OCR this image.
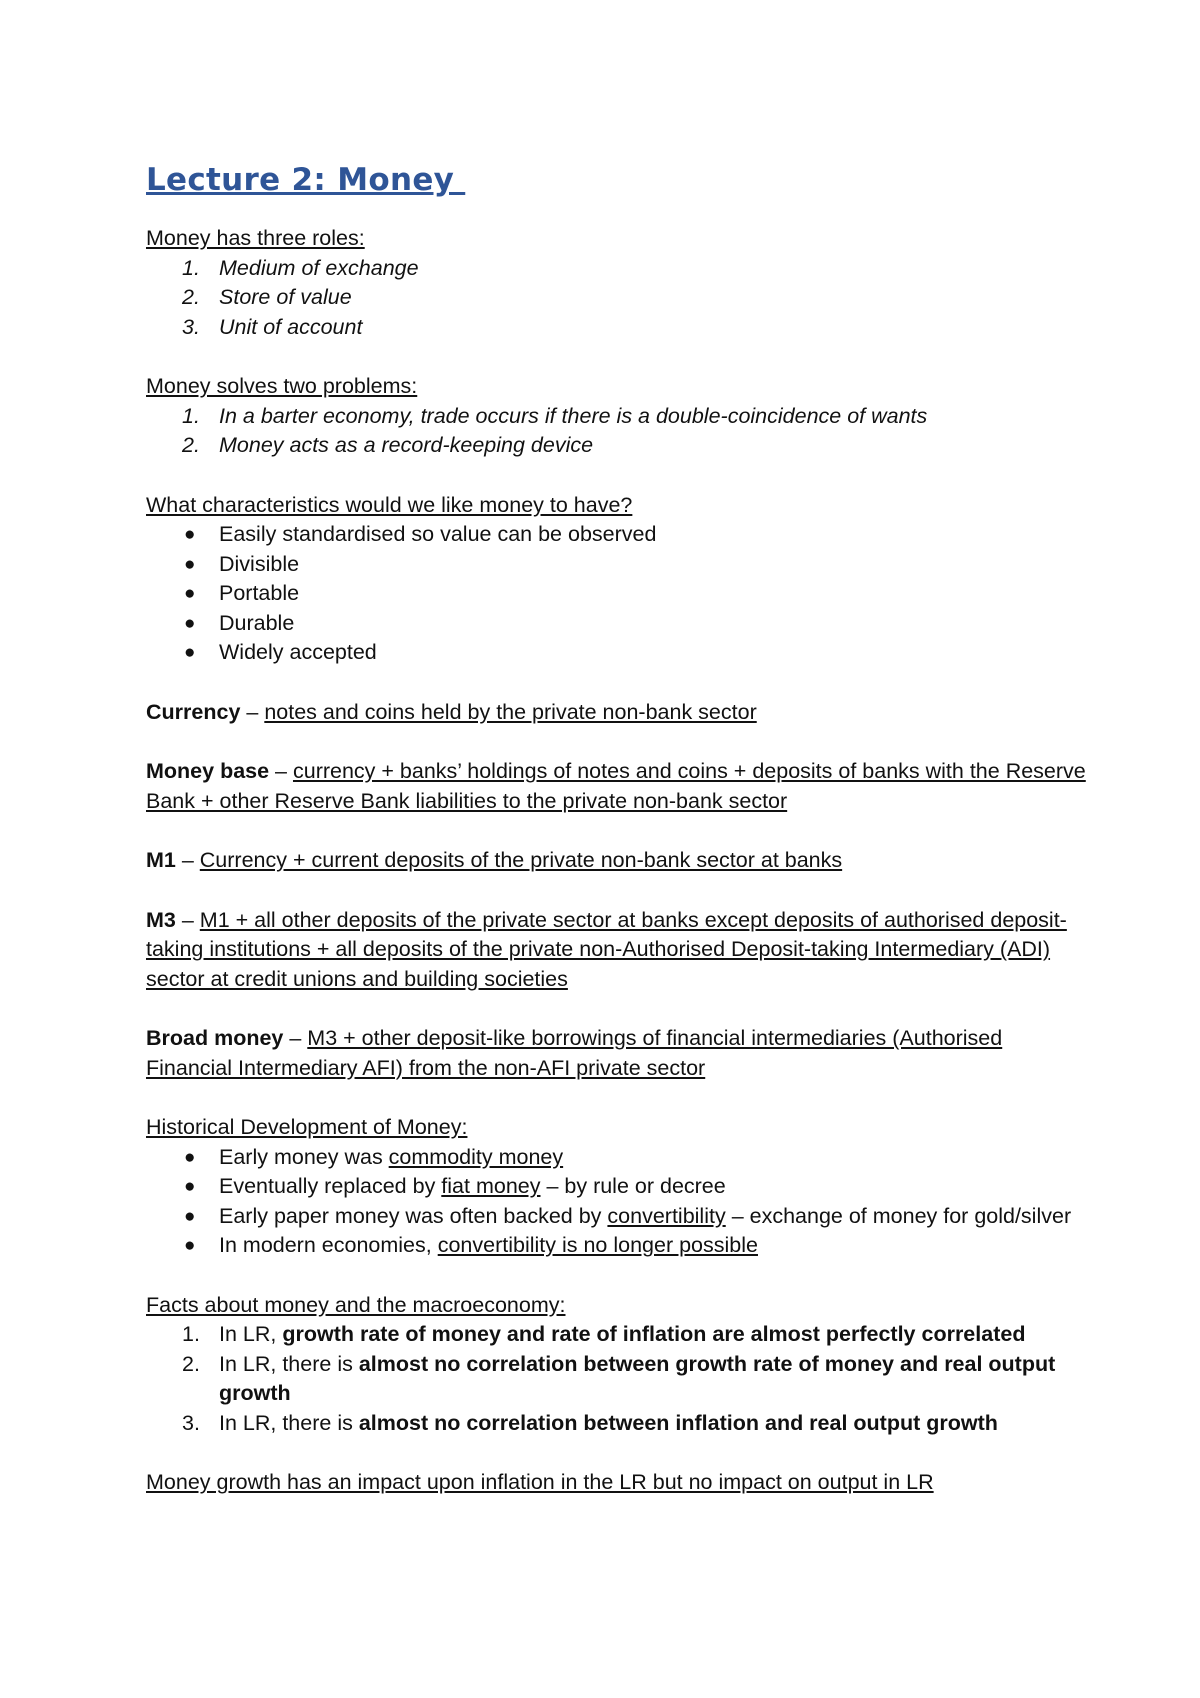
Lecture 2: Money

Money has three roles:

1. Medium of exchange
2. Store of value
3. Unit of account

Money solves two problems:

1. In a barter economy, trade occurs if there is a double-coincidence of wants
2. Money acts as a record-keeping device

What characteristics would we like money to have?

● Easily standardised so value can be observed
● Divisible
● Portable
● Durable
● Widely accepted

Currency – notes and coins held by the private non-bank sector

Money base – currency + banks’ holdings of notes and coins + deposits of banks with the Reserve Bank + other Reserve Bank liabilities to the private non-bank sector

M1 – Currency + current deposits of the private non-bank sector at banks

M3 – M1 + all other deposits of the private sector at banks except deposits of authorised deposit-taking institutions + all deposits of the private non-Authorised Deposit-taking Intermediary (ADI) sector at credit unions and building societies

Broad money – M3 + other deposit-like borrowings of financial intermediaries (Authorised Financial Intermediary AFI) from the non-AFI private sector

Historical Development of Money:

● Early money was commodity money
● Eventually replaced by fiat money – by rule or decree
● Early paper money was often backed by convertibility – exchange of money for gold/silver
● In modern economies, convertibility is no longer possible

Facts about money and the macroeconomy:

1. In LR, growth rate of money and rate of inflation are almost perfectly correlated
2. In LR, there is almost no correlation between growth rate of money and real output growth
3. In LR, there is almost no correlation between inflation and real output growth

Money growth has an impact upon inflation in the LR but no impact on output in LR
